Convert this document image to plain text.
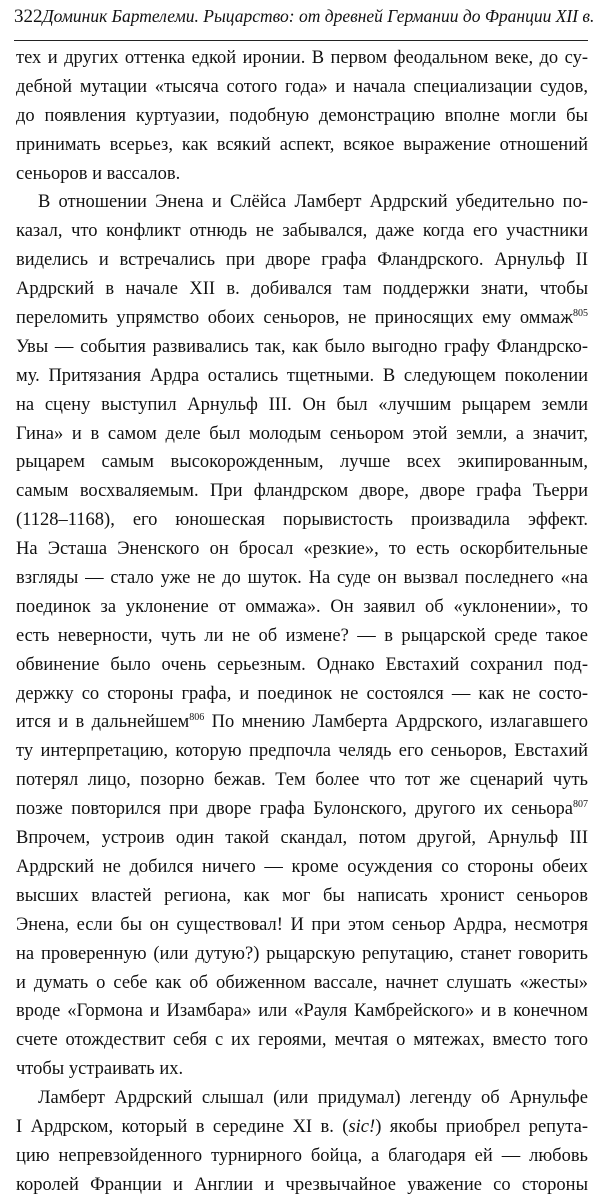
322 Доминик Бартелеми. Рыцарство: от древней Германии до Франции XII в.
тех и других оттенка едкой иронии. В первом феодальном веке, до су-
дебной мутации «тысяча сотого года» и начала специализации судов,
до появления куртуазии, подобную демонстрацию вполне могли бы
принимать всерьез, как всякий аспект, всякое выражение отношений
сеньоров и вассалов.
В отношении Энена и Слёйса Ламберт Ардрский убедительно по-
казал, что конфликт отнюдь не забывался, даже когда его участники
виделись и встречались при дворе графа Фландрского. Арнульф II
Ардрский в начале XII в. добивался там поддержки знати, чтобы
переломить упрямство обоих сеньоров, не приносящих ему оммаж$^{805}$
Увы — события развивались так, как было выгодно графу Фландрско-
му. Притязания Ардра остались тщетными. В следующем поколении
на сцену выступил Арнульф III. Он был «лучшим рыцарем земли
Гина» и в самом деле был молодым сеньором этой земли, а значит,
рыцарем самым высокорожденным, лучше всех экипированным,
самым восхваляемым. При фландрском дворе, дворе графа Тьерри
(1128–1168), его юношеская порывистость произвадила эффект.
На Эсташа Эненского он бросал «резкие», то есть оскорбительные
взгляды — стало уже не до шуток. На суде он вызвал последнего «на
поединок за уклонение от оммажа». Он заявил об «уклонении», то
есть неверности, чуть ли не об измене? — в рыцарской среде такое
обвинение было очень серьезным. Однако Евстахий сохранил под-
держку со стороны графа, и поединок не состоялся — как не состо-
ится и в дальнейшем$^{806}$ По мнению Ламберта Ардрского, излагавшего
ту интерпретацию, которую предпочла челядь его сеньоров, Евстахий
потерял лицо, позорно бежав. Тем более что тот же сценарий чуть
позже повторился при дворе графа Булонского, другого их сеньора$^{807}$
Впрочем, устроив один такой скандал, потом другой, Арнульф III
Ардрский не добился ничего — кроме осуждения со стороны обеих
высших властей региона, как мог бы написать хронист сеньоров
Энена, если бы он существовал! И при этом сеньор Ардра, несмотря
на проверенную (или дутую?) рыцарскую репутацию, станет говорить
и думать о себе как об обиженном вассале, начнет слушать «жесты»
вроде «Гормона и Изамбара» или «Рауля Камбрейского» и в конечном
счете отождествит себя с их героями, мечтая о мятежах, вместо того
чтобы устраивать их.
Ламберт Ардрский слышал (или придумал) легенду об Арнульфе
I Ардрском, который в середине XI в. (sic!) якобы приобрел репута-
цию непревзойденного турнирного бойца, а благодаря ей — любовь
королей Франции и Англии и чрезвычайное уважение со стороны
